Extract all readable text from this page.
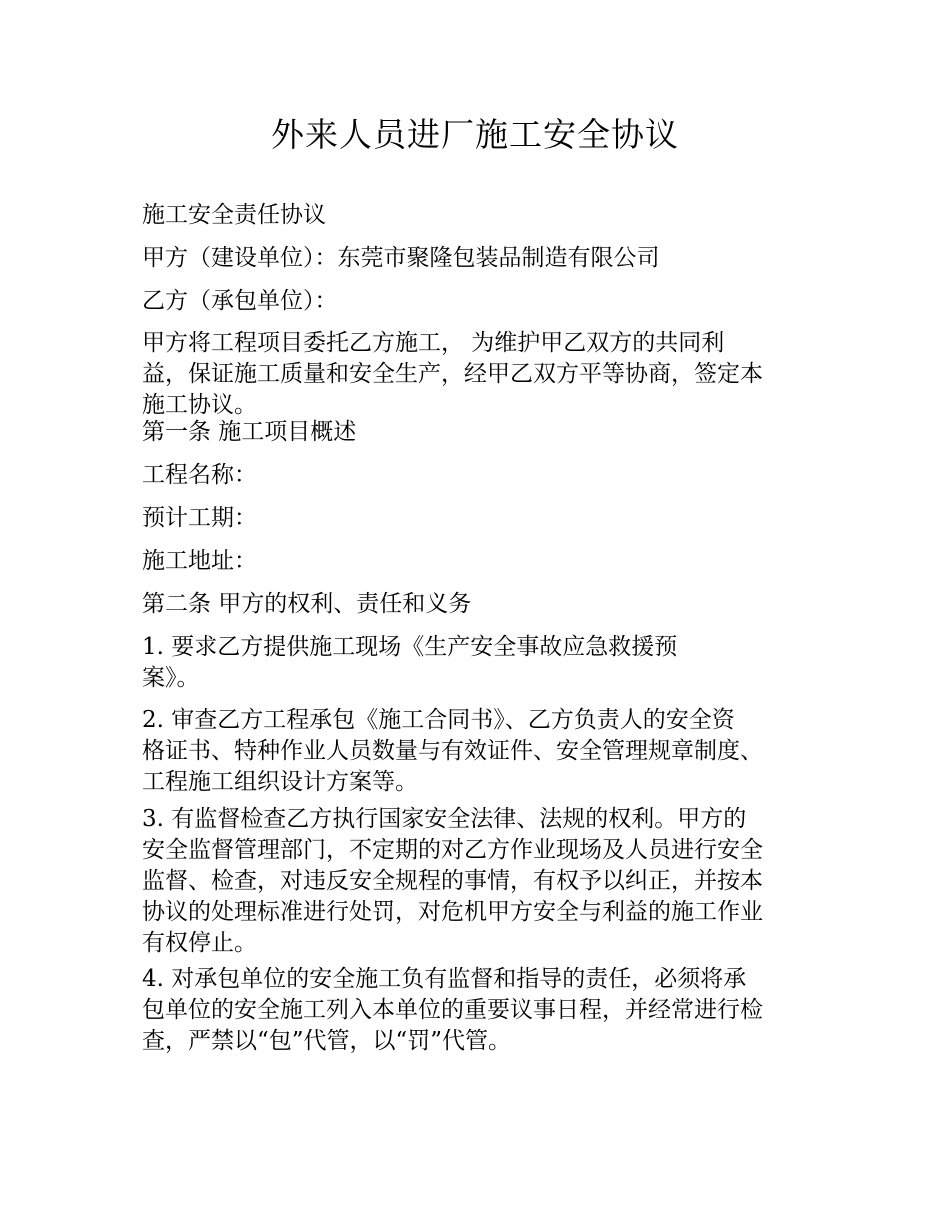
外来人员进厂施工安全协议
施工安全责任协议
甲方（建设单位）：东莞市聚隆包装品制造有限公司
乙方（承包单位）：
甲方将工程项目委托乙方施工， 为维护甲乙双方的共同利
益，保证施工质量和安全生产，经甲乙双方平等协商，签定本
施工协议。
第一条 施工项目概述
工程名称：
预计工期：
施工地址：
第二条 甲方的权利、责任和义务
1. 要求乙方提供施工现场《生产安全事故应急救援预
案》。
2. 审查乙方工程承包《施工合同书》、乙方负责人的安全资
格证书、特种作业人员数量与有效证件、安全管理规章制度、
工程施工组织设计方案等。
3. 有监督检查乙方执行国家安全法律、法规的权利。甲方的
安全监督管理部门，不定期的对乙方作业现场及人员进行安全
监督、检查，对违反安全规程的事情，有权予以纠正，并按本
协议的处理标准进行处罚，对危机甲方安全与利益的施工作业
有权停止。
4. 对承包单位的安全施工负有监督和指导的责任，必须将承
包单位的安全施工列入本单位的重要议事日程，并经常进行检
查，严禁以“包”代管，以“罚”代管。
